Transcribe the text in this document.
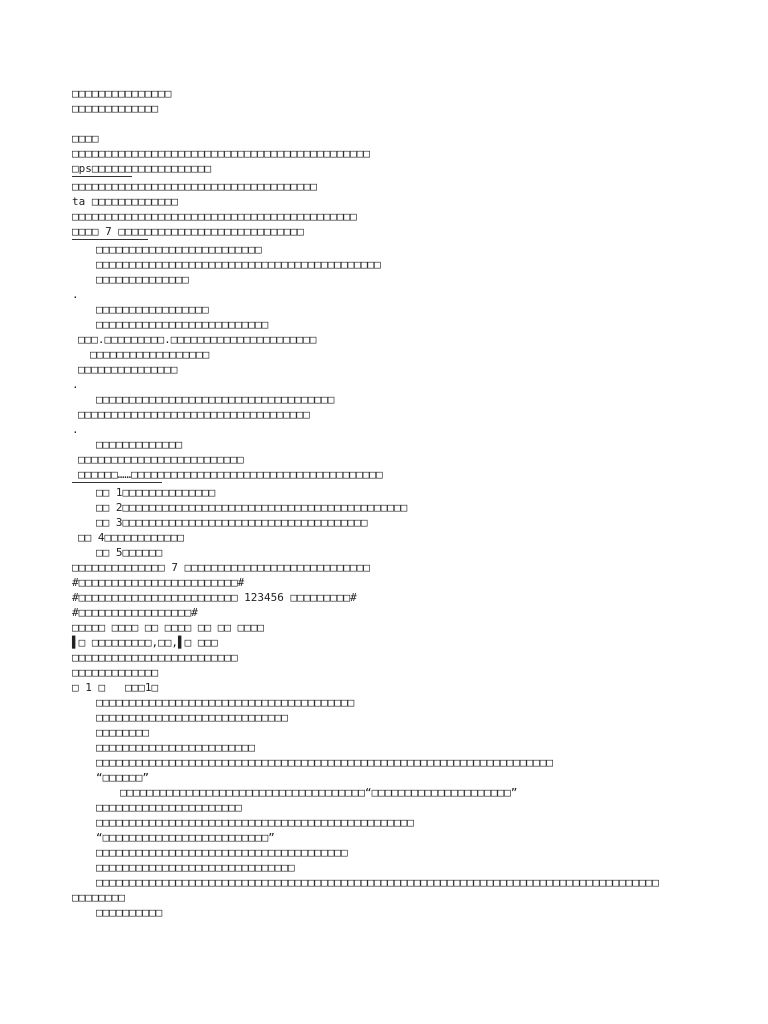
□□□□□□□□□□□□□□□
□□□□□□□□□□□□□
□□□□
□□□□□□□□□□□□□□□□□□□□□□□□□□□□□□□□□□□□□□□□□□□□□
□ps□□□□□□□□□□□□□□□□□□
□□□□□□□□□□□□□□□□□□□□□□□□□□□□□□□□□□□□□
ta □□□□□□□□□□□□□
□□□□□□□□□□□□□□□□□□□□□□□□□□□□□□□□□□□□□□□□□□□
□□□□ 7 □□□□□□□□□□□□□□□□□□□□□□□□□□□□
□□□□□□□□□□□□□□□□□□□□□□□□□
□□□□□□□□□□□□□□□□□□□□□□□□□□□□□□□□□□□□□□□□□□□
□□□□□□□□□□□□□□
.
□□□□□□□□□□□□□□□□□
□□□□□□□□□□□□□□□□□□□□□□□□□□
□□□.□□□□□□□□□.□□□□□□□□□□□□□□□□□□□□□□
□□□□□□□□□□□□□□□□□□
□□□□□□□□□□□□□□□
.
□□□□□□□□□□□□□□□□□□□□□□□□□□□□□□□□□□□□
□□□□□□□□□□□□□□□□□□□□□□□□□□□□□□□□□□□
.
□□□□□□□□□□□□□
□□□□□□□□□□□□□□□□□□□□□□□□□
□□□□□□……□□□□□□□□□□□□□□□□□□□□□□□□□□□□□□□□□□□□□□
□□ 1□□□□□□□□□□□□□□
□□ 2□□□□□□□□□□□□□□□□□□□□□□□□□□□□□□□□□□□□□□□□□□□
□□ 3□□□□□□□□□□□□□□□□□□□□□□□□□□□□□□□□□□□□□
□□ 4□□□□□□□□□□□□
□□ 5□□□□□□
□□□□□□□□□□□□□□ 7 □□□□□□□□□□□□□□□□□□□□□□□□□□□□
#□□□□□□□□□□□□□□□□□□□□□□□□#
#□□□□□□□□□□□□□□□□□□□□□□□□ 123456 □□□□□□□□□#
#□□□□□□□□□□□□□□□□□#
□□□□□ □□□□ □□ □□□□ □□ □□ □□□□
▌□ □□□□□□□□□,□□,▌□ □□□
□□□□□□□□□□□□□□□□□□□□□□□□□
□□□□□□□□□□□□□
□ 1 □   □□□1□
□□□□□□□□□□□□□□□□□□□□□□□□□□□□□□□□□□□□□□□
□□□□□□□□□□□□□□□□□□□□□□□□□□□□□
□□□□□□□□
□□□□□□□□□□□□□□□□□□□□□□□□
□□□□□□□□□□□□□□□□□□□□□□□□□□□□□□□□□□□□□□□□□□□□□□□□□□□□□□□□□□□□□□□□□□□□□
“□□□□□□”
□□□□□□□□□□□□□□□□□□□□□□□□□□□□□□□□□□□□□“□□□□□□□□□□□□□□□□□□□□□”
□□□□□□□□□□□□□□□□□□□□□□
□□□□□□□□□□□□□□□□□□□□□□□□□□□□□□□□□□□□□□□□□□□□□□□□
“□□□□□□□□□□□□□□□□□□□□□□□□□”
□□□□□□□□□□□□□□□□□□□□□□□□□□□□□□□□□□□□□□
□□□□□□□□□□□□□□□□□□□□□□□□□□□□□□
□□□□□□□□□□□□□□□□□□□□□□□□□□□□□□□□□□□□□□□□□□□□□□□□□□□□□□□□□□□□□□□□□□□□□□□□□□□□□□□□□□□□□
□□□□□□□□
□□□□□□□□□□
